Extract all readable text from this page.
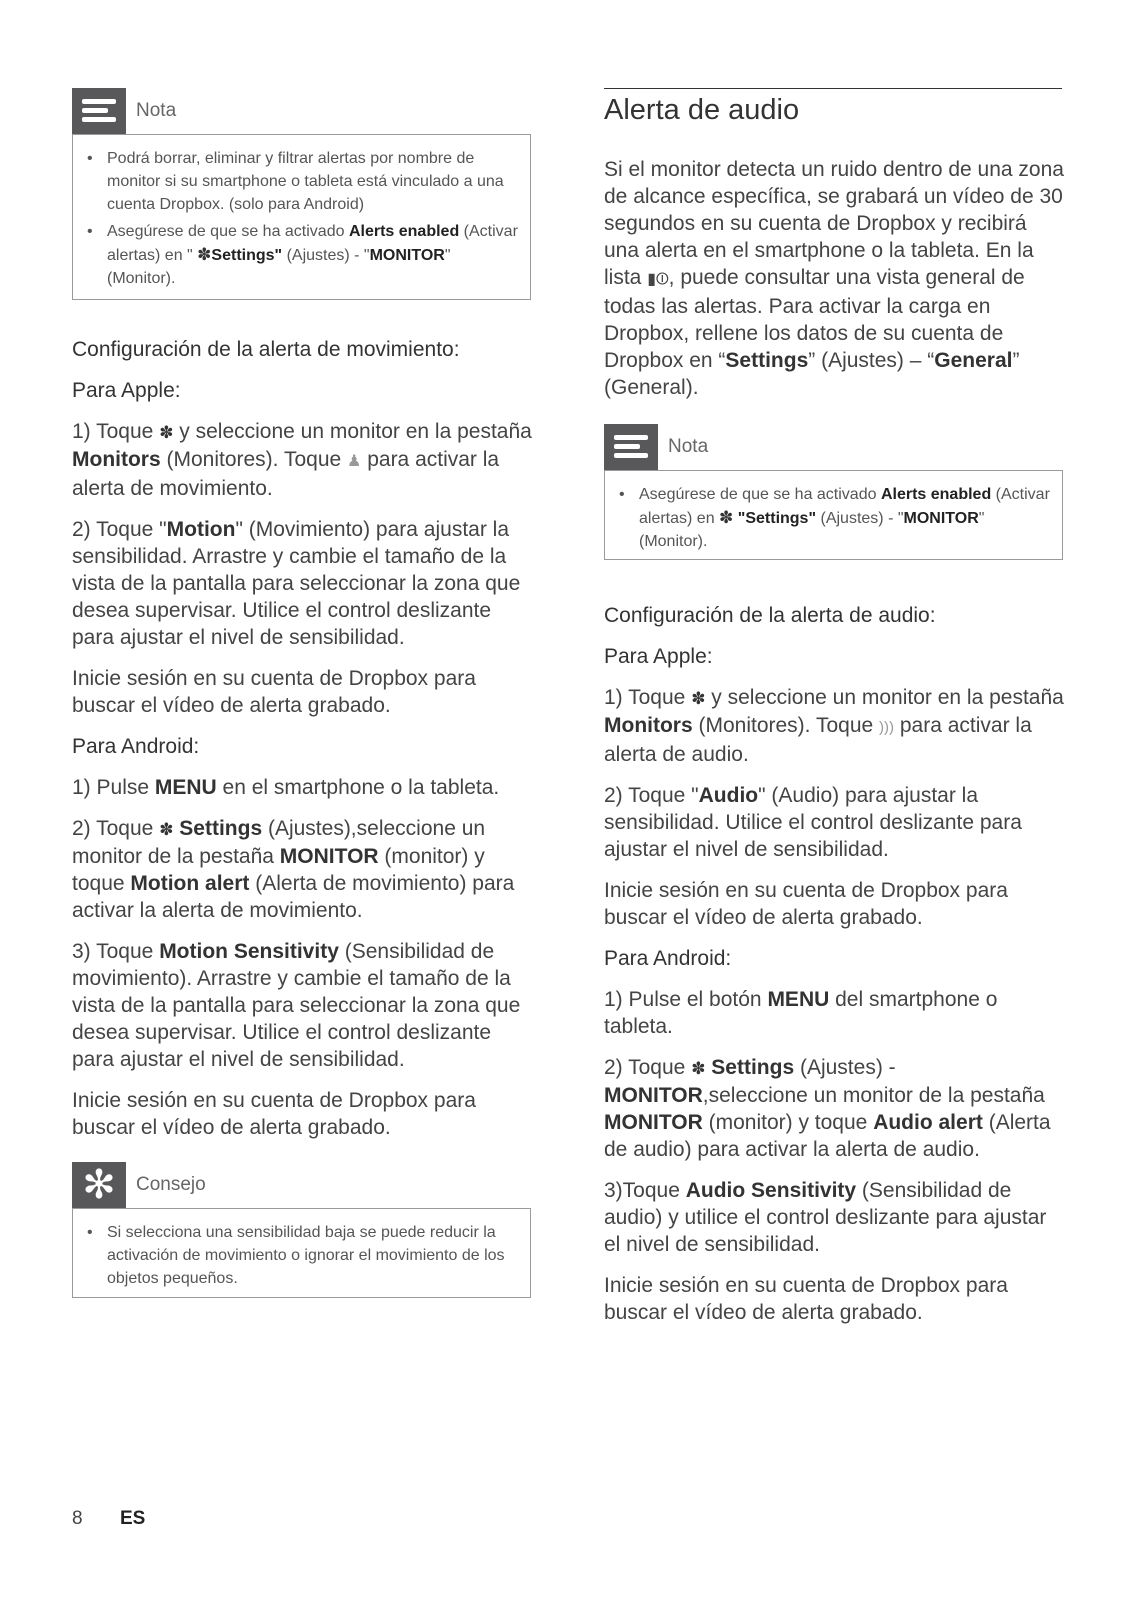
Nota
• Podrá borrar, eliminar y filtrar alertas por nombre de monitor si su smartphone o tableta está vinculado a una cuenta Dropbox. (solo para Android)
• Asegúrese de que se ha activado Alerts enabled (Activar alertas) en " ✽Settings" (Ajustes) - "MONITOR" (Monitor).

Configuración de la alerta de movimiento:

Para Apple:

1) Toque ✽ y seleccione un monitor en la pestaña Monitors (Monitores). Toque ♟ para activar la alerta de movimiento.

2) Toque "Motion" (Movimiento) para ajustar la sensibilidad. Arrastre y cambie el tamaño de la vista de la pantalla para seleccionar la zona que desea supervisar. Utilice el control deslizante para ajustar el nivel de sensibilidad.

Inicie sesión en su cuenta de Dropbox para buscar el vídeo de alerta grabado.

Para Android:

1) Pulse MENU en el smartphone o la tableta.

2) Toque ✽ Settings (Ajustes),seleccione un monitor de la pestaña MONITOR (monitor) y toque Motion alert (Alerta de movimiento) para activar la alerta de movimiento.

3) Toque Motion Sensitivity (Sensibilidad de movimiento). Arrastre y cambie el tamaño de la vista de la pantalla para seleccionar la zona que desea supervisar. Utilice el control deslizante para ajustar el nivel de sensibilidad.

Inicie sesión en su cuenta de Dropbox para buscar el vídeo de alerta grabado.

✻	Consejo
• Si selecciona una sensibilidad baja se puede reducir la activación de movimiento o ignorar el movimiento de los objetos pequeños.
Alerta de audio

Si el monitor detecta un ruido dentro de una zona de alcance específica, se grabará un vídeo de 30 segundos en su cuenta de Dropbox y recibirá una alerta en el smartphone o la tableta. En la lista ▮⏼, puede consultar una vista general de todas las alertas. Para activar la carga en Dropbox, rellene los datos de su cuenta de Dropbox en “Settings” (Ajustes) – “General” (General).

Nota
• Asegúrese de que se ha activado Alerts enabled (Activar alertas) en ✽ "Settings" (Ajustes) - "MONITOR" (Monitor).

Configuración de la alerta de audio:

Para Apple:

1) Toque ✽ y seleccione un monitor en la pestaña Monitors (Monitores). Toque ))) para activar la alerta de audio.

2) Toque "Audio" (Audio) para ajustar la sensibilidad. Utilice el control deslizante para ajustar el nivel de sensibilidad.

Inicie sesión en su cuenta de Dropbox para buscar el vídeo de alerta grabado.

Para Android:

1) Pulse el botón MENU del smartphone o tableta.

2) Toque ✽ Settings (Ajustes) - MONITOR,seleccione un monitor de la pestaña MONITOR (monitor) y toque Audio alert (Alerta de audio) para activar la alerta de audio.

3)Toque Audio Sensitivity (Sensibilidad de audio) y utilice el control deslizante para ajustar el nivel de sensibilidad.

Inicie sesión en su cuenta de Dropbox para buscar el vídeo de alerta grabado.

8 ES
